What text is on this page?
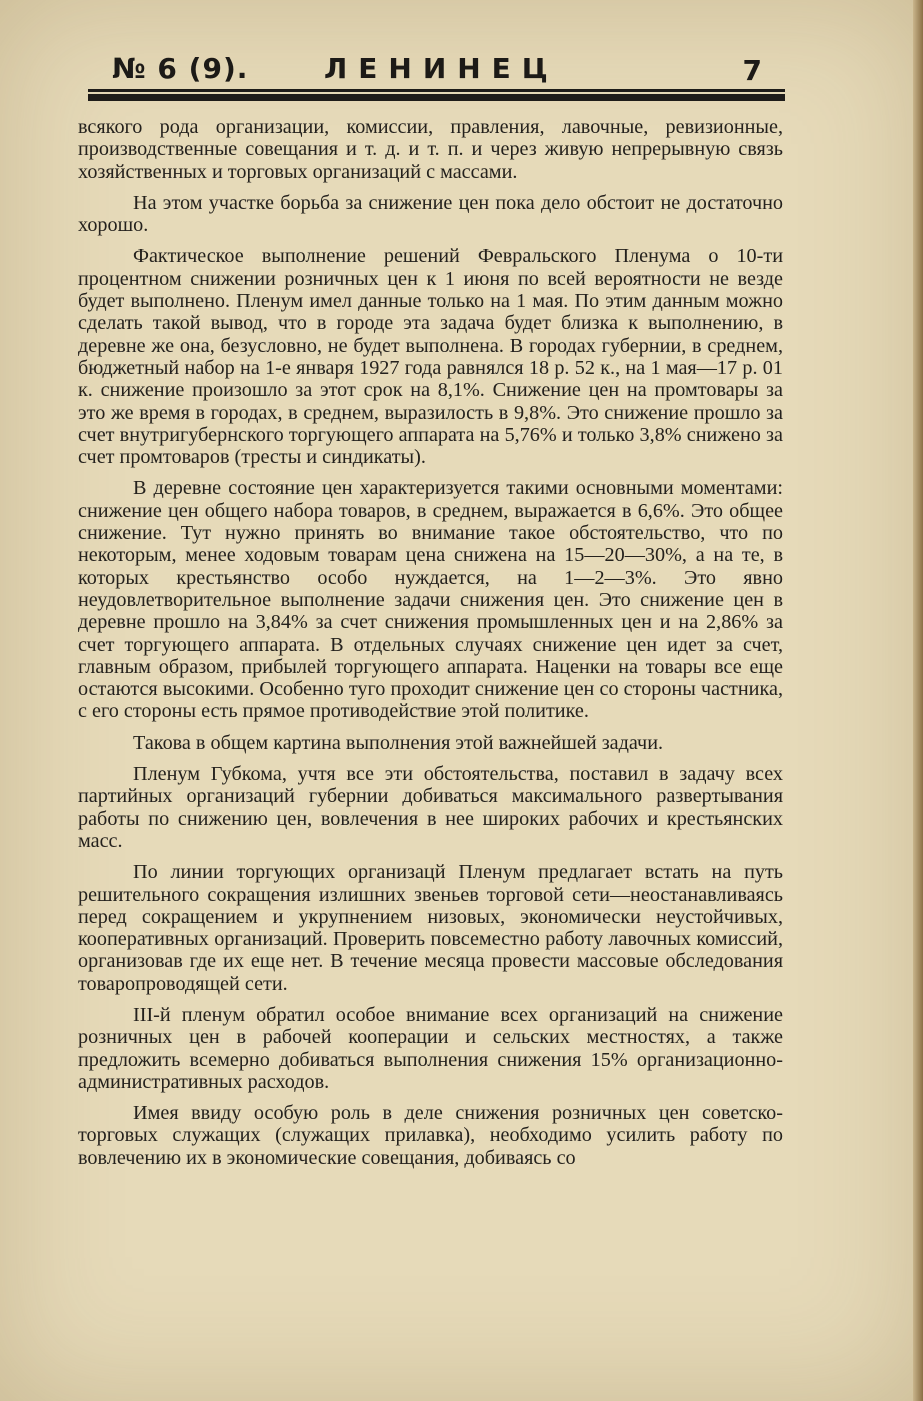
№ 6 (9).	ЛЕНИНЕЦ	7

всякого рода организации, комиссии, правления, лавочные, ревизионные, производственные совещания и т. д. и т. п. и через живую непрерывную связь хозяйственных и торговых организаций с массами.

На этом участке борьба за снижение цен пока дело обстоит не достаточно хорошо.

Фактическое выполнение решений Февральского Пленума о 10-ти процентном снижении розничных цен к 1 июня по всей вероятности не везде будет выполнено. Пленум имел данные только на 1 мая. По этим данным можно сделать такой вывод, что в городе эта задача будет близка к выполнению, в деревне же она, безусловно, не будет выполнена. В городах губернии, в среднем, бюджетный набор на 1-е января 1927 года равнялся 18 р. 52 к., на 1 мая—17 р. 01 к. снижение произошло за этот срок на 8,1%. Снижение цен на промтовары за это же время в городах, в среднем, выразилость в 9,8%. Это снижение прошло за счет внутригубернского торгующего аппарата на 5,76% и только 3,8% снижено за счет промтоваров (тресты и синдикаты).

В деревне состояние цен характеризуется такими основными моментами: снижение цен общего набора товаров, в среднем, выражается в 6,6%. Это общее снижение. Тут нужно принять во внимание такое обстоятельство, что по некоторым, менее ходовым товарам цена снижена на 15—20—30%, а на те, в которых крестьянство особо нуждается, на 1—2—3%. Это явно неудовлетворительное выполнение задачи снижения цен. Это снижение цен в деревне прошло на 3,84% за счет снижения промышленных цен и на 2,86% за счет торгующего аппарата. В отдельных случаях снижение цен идет за счет, главным образом, прибылей торгующего аппарата. Наценки на товары все еще остаются высокими. Особенно туго проходит снижение цен со стороны частника, с его стороны есть прямое противодействие этой политике.

Такова в общем картина выполнения этой важнейшей задачи.

Пленум Губкома, учтя все эти обстоятельства, поставил в задачу всех партийных организаций губернии добиваться максимального развертывания работы по снижению цен, вовлечения в нее широких рабочих и крестьянских масс.

По линии торгующих организацй Пленум предлагает встать на путь решительного сокращения излишних звеньев торговой сети—неостанавливаясь перед сокращением и укрупнением низовых, экономически неустойчивых, кооперативных организаций. Проверить повсеместно работу лавочных комиссий, организовав где их еще нет. В течение месяца провести массовые обследования товаропроводящей сети.

III-й пленум обратил особое внимание всех организаций на снижение розничных цен в рабочей кооперации и сельских местностях, а также предложить всемерно добиваться выполнения снижения 15% организационно-административных расходов.

Имея ввиду особую роль в деле снижения розничных цен советско-торговых служащих (служащих прилавка), необходимо усилить работу по вовлечению их в экономические совещания, добиваясь со
